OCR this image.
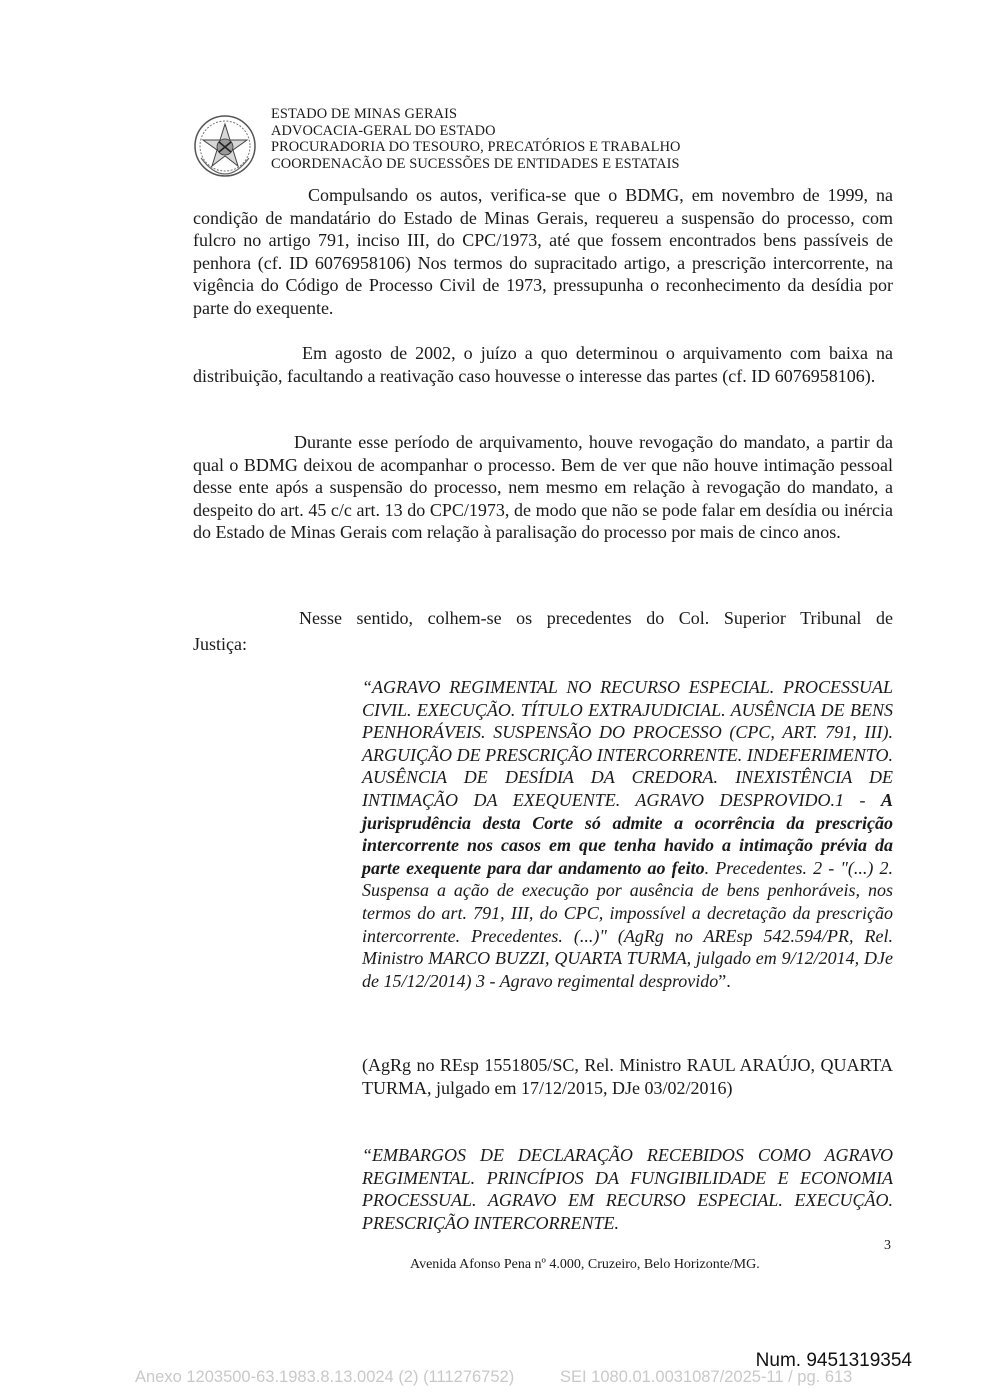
ESTADO DE MINAS GERAIS
ADVOCACIA-GERAL DO ESTADO
PROCURADORIA DO TESOURO, PRECATÓRIOS E TRABALHO
COORDENACÃO DE SUCESSÕES DE ENTIDADES E ESTATAIS

Compulsando os autos, verifica-se que o BDMG, em novembro de 1999, na condição de mandatário do Estado de Minas Gerais, requereu a suspensão do processo, com fulcro no artigo 791, inciso III, do CPC/1973, até que fossem encontrados bens passíveis de penhora (cf. ID 6076958106) Nos termos do supracitado artigo, a prescrição intercorrente, na vigência do Código de Processo Civil de 1973, pressupunha o reconhecimento da desídia por parte do exequente.

Em agosto de 2002, o juízo a quo determinou o arquivamento com baixa na distribuição, facultando a reativação caso houvesse o interesse das partes (cf. ID 6076958106).

Durante esse período de arquivamento, houve revogação do mandato, a partir da qual o BDMG deixou de acompanhar o processo. Bem de ver que não houve intimação pessoal desse ente após a suspensão do processo, nem mesmo em relação à revogação do mandato, a despeito do art. 45 c/c art. 13 do CPC/1973, de modo que não se pode falar em desídia ou inércia do Estado de Minas Gerais com relação à paralisação do processo por mais de cinco anos.

Nesse sentido, colhem-se os precedentes do Col. Superior Tribunal de
Justiça:

“AGRAVO REGIMENTAL NO RECURSO ESPECIAL. PROCESSUAL CIVIL. EXECUÇÃO. TÍTULO EXTRAJUDICIAL. AUSÊNCIA DE BENS PENHORÁVEIS. SUSPENSÃO DO PROCESSO (CPC, ART. 791, III). ARGUIÇÃO DE PRESCRIÇÃO INTERCORRENTE. INDEFERIMENTO. AUSÊNCIA DE DESÍDIA DA CREDORA. INEXISTÊNCIA DE INTIMAÇÃO DA EXEQUENTE. AGRAVO DESPROVIDO.1 - A jurisprudência desta Corte só admite a ocorrência da prescrição intercorrente nos casos em que tenha havido a intimação prévia da parte exequente para dar andamento ao feito. Precedentes. 2 - "(...) 2. Suspensa a ação de execução por ausência de bens penhoráveis, nos termos do art. 791, III, do CPC, impossível a decretação da prescrição intercorrente. Precedentes. (...)" (AgRg no AREsp 542.594/PR, Rel. Ministro MARCO BUZZI, QUARTA TURMA, julgado em 9/12/2014, DJe de 15/12/2014) 3 - Agravo regimental desprovido”.

(AgRg no REsp 1551805/SC, Rel. Ministro RAUL ARAÚJO, QUARTA TURMA, julgado em 17/12/2015, DJe 03/02/2016)

“EMBARGOS DE DECLARAÇÃO RECEBIDOS COMO AGRAVO REGIMENTAL. PRINCÍPIOS DA FUNGIBILIDADE E ECONOMIA PROCESSUAL. AGRAVO EM RECURSO ESPECIAL. EXECUÇÃO. PRESCRIÇÃO INTERCORRENTE.

3
Avenida Afonso Pena nº 4.000, Cruzeiro, Belo Horizonte/MG.
Num. 9451319354
Anexo 1203500-63.1983.8.13.0024 (2) (111276752)	SEI 1080.01.0031087/2025-11 / pg. 613
